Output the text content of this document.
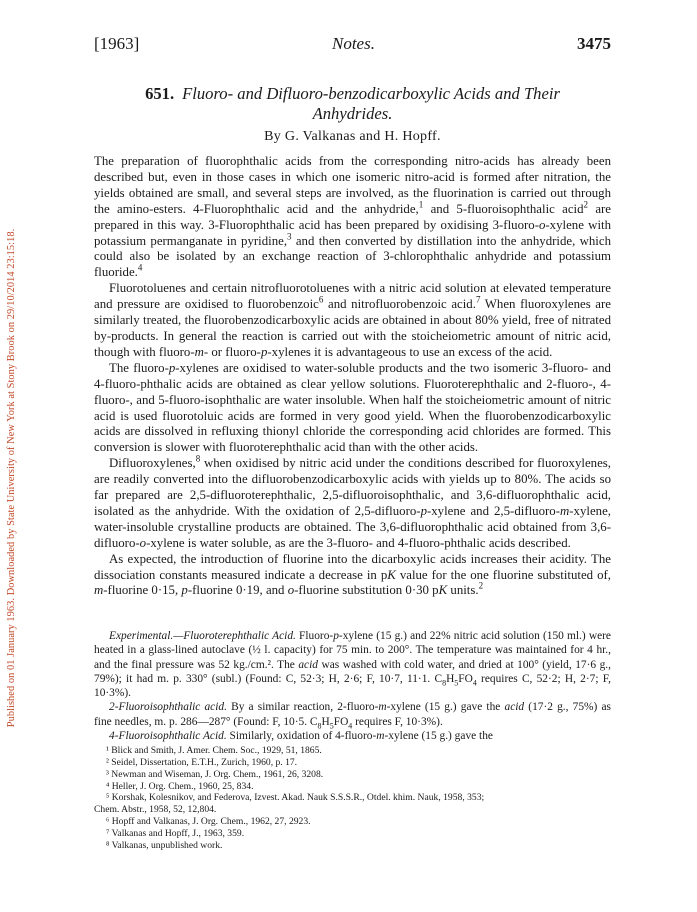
Published on 01 January 1963. Downloaded by State University of New York at Stony Brook on 29/10/2014 23:15:18.
[1963]	Notes.	3475
651. Fluoro- and Difluoro-benzodicarboxylic Acids and Their
Anhydrides.
By G. Valkanas and H. Hopff.

The preparation of fluorophthalic acids from the corresponding nitro-acids has already been described but, even in those cases in which one isomeric nitro-acid is formed after nitration, the yields obtained are small, and several steps are involved, as the fluorination is carried out through the amino-esters. 4-Fluorophthalic acid and the anhydride,$^1$ and 5-fluoroisophthalic acid$^2$ are prepared in this way. 3-Fluorophthalic acid has been prepared by oxidising 3-fluoro-o-xylene with potassium permanganate in pyridine,$^3$ and then converted by distillation into the anhydride, which could also be isolated by an exchange reaction of 3-chlorophthalic anhydride and potassium fluoride.$^4$

Fluorotoluenes and certain nitrofluorotoluenes with a nitric acid solution at elevated temperature and pressure are oxidised to fluorobenzoic$^6$ and nitrofluorobenzoic acid.$^7$ When fluoroxylenes are similarly treated, the fluorobenzodicarboxylic acids are obtained in about 80% yield, free of nitrated by-products. In general the reaction is carried out with the stoicheiometric amount of nitric acid, though with fluoro-m- or fluoro-p-xylenes it is advantageous to use an excess of the acid.

The fluoro-p-xylenes are oxidised to water-soluble products and the two isomeric 3-fluoro- and 4-fluoro-phthalic acids are obtained as clear yellow solutions. Fluoroterephthalic and 2-fluoro-, 4-fluoro-, and 5-fluoro-isophthalic are water insoluble. When half the stoicheiometric amount of nitric acid is used fluorotoluic acids are formed in very good yield. When the fluorobenzodicarboxylic acids are dissolved in refluxing thionyl chloride the corresponding acid chlorides are formed. This conversion is slower with fluoroterephthalic acid than with the other acids.

Difluoroxylenes,$^8$ when oxidised by nitric acid under the conditions described for fluoroxylenes, are readily converted into the difluorobenzodicarboxylic acids with yields up to 80%. The acids so far prepared are 2,5-difluoroterephthalic, 2,5-difluoroisophthalic, and 3,6-difluorophthalic acid, isolated as the anhydride. With the oxidation of 2,5-difluoro-p-xylene and 2,5-difluoro-m-xylene, water-insoluble crystalline products are obtained. The 3,6-difluorophthalic acid obtained from 3,6-difluoro-o-xylene is water soluble, as are the 3-fluoro- and 4-fluoro-phthalic acids described.

As expected, the introduction of fluorine into the dicarboxylic acids increases their acidity. The dissociation constants measured indicate a decrease in pK value for the one fluorine substituted of, m-fluorine 0·15, p-fluorine 0·19, and o-fluorine substitution 0·30 pK units.$^2$

Experimental.—Fluoroterephthalic Acid. Fluoro-p-xylene (15 g.) and 22% nitric acid solution (150 ml.) were heated in a glass-lined autoclave (½ l. capacity) for 75 min. to 200°. The temperature was maintained for 4 hr., and the final pressure was 52 kg./cm.². The acid was washed with cold water, and dried at 100° (yield, 17·6 g., 79%); it had m. p. 330° (subl.) (Found: C, 52·3; H, 2·6; F, 10·7, 11·1. $C_8H_5FO_4$ requires C, 52·2; H, 2·7; F, 10·3%).

2-Fluoroisophthalic acid. By a similar reaction, 2-fluoro-m-xylene (15 g.) gave the acid (17·2 g., 75%) as fine needles, m. p. 286—287° (Found: F, 10·5. $C_8H_5FO_4$ requires F, 10·3%).

4-Fluoroisophthalic Acid. Similarly, oxidation of 4-fluoro-m-xylene (15 g.) gave the

¹ Blick and Smith, J. Amer. Chem. Soc., 1929, 51, 1865.
² Seidel, Dissertation, E.T.H., Zurich, 1960, p. 17.
³ Newman and Wiseman, J. Org. Chem., 1961, 26, 3208.
⁴ Heller, J. Org. Chem., 1960, 25, 834.
⁵ Korshak, Kolesnikov, and Federova, Izvest. Akad. Nauk S.S.S.R., Otdel. khim. Nauk, 1958, 353;
Chem. Abstr., 1958, 52, 12,804.
⁶ Hopff and Valkanas, J. Org. Chem., 1962, 27, 2923.
⁷ Valkanas and Hopff, J., 1963, 359.
⁸ Valkanas, unpublished work.
